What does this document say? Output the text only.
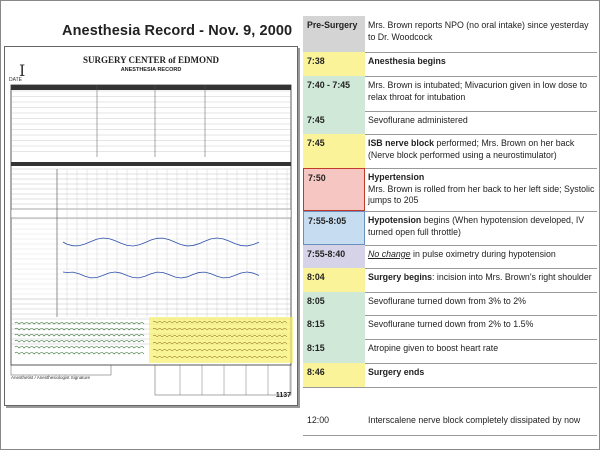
Anesthesia Record - Nov. 9, 2000
I
SURGERY CENTER of EDMOND
ANESTHESIA RECORD
DATE
Anesthetist / Anesthesiologist Signature
1137
Pre-Surgery	Mrs. Brown reports NPO (no oral intake) since yesterday to Dr. Woodcock
7:38	Anesthesia begins
7:40 - 7:45	Mrs. Brown is intubated; Mivacurion given in low dose to relax throat for intubation
7:45	Sevoflurane administered
7:45	ISB nerve block performed; Mrs. Brown on her back (Nerve block performed using a neurostimulator)
7:50	Hypertension
Mrs. Brown is rolled from her back to her left side; Systolic jumps to 205
7:55-8:05	Hypotension begins (When hypotension developed, IV turned open full throttle)
7:55-8:40	No change in pulse oximetry during hypotension
8:04	Surgery begins: incision into Mrs. Brown's right shoulder
8:05	Sevoflurane turned down from 3% to 2%
8:15	Sevoflurane turned down from 2% to 1.5%
8:15	Atropine given to boost heart rate
8:46	Surgery ends
12:00	Interscalene nerve block completely dissipated by now
